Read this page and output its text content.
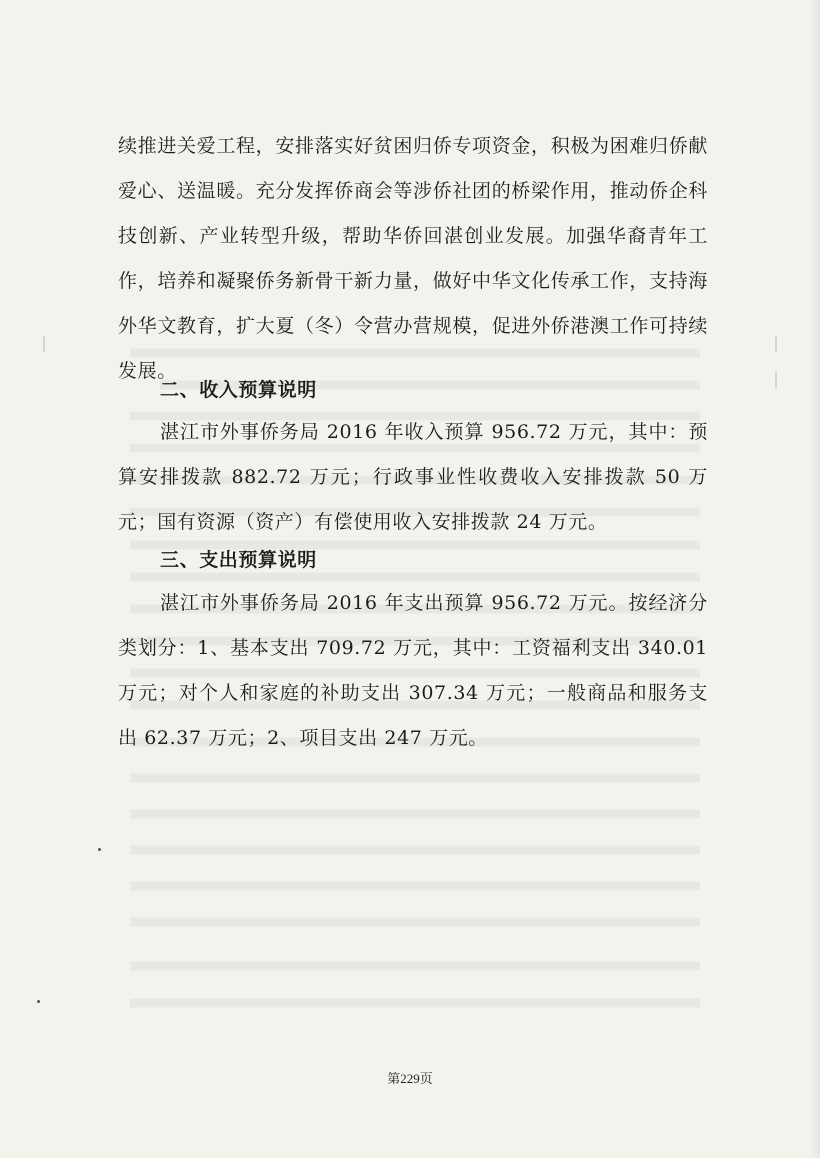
续推进关爱工程，安排落实好贫困归侨专项资金，积极为困难归侨献爱心、送温暖。充分发挥侨商会等涉侨社团的桥梁作用，推动侨企科技创新、产业转型升级，帮助华侨回湛创业发展。加强华裔青年工作，培养和凝聚侨务新骨干新力量，做好中华文化传承工作，支持海外华文教育，扩大夏（冬）令营办营规模，促进外侨港澳工作可持续发展。

二、收入预算说明

湛江市外事侨务局 2016 年收入预算 956.72 万元，其中：预算安排拨款 882.72 万元；行政事业性收费收入安排拨款 50 万元；国有资源（资产）有偿使用收入安排拨款 24 万元。

三、支出预算说明

湛江市外事侨务局 2016 年支出预算 956.72 万元。按经济分类划分：1、基本支出 709.72 万元，其中：工资福利支出 340.01 万元；对个人和家庭的补助支出 307.34 万元；一般商品和服务支出 62.37 万元；2、项目支出 247 万元。

第229页
